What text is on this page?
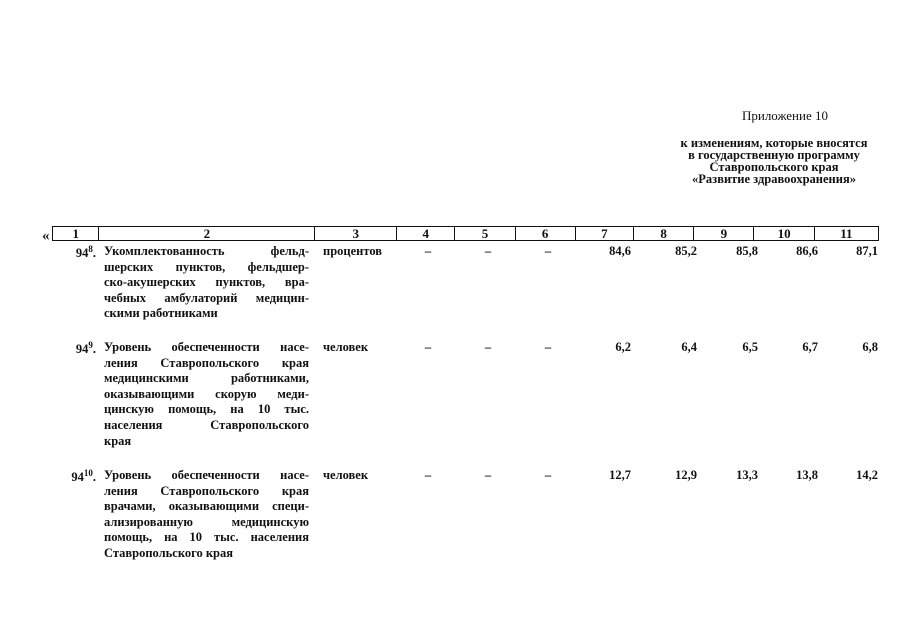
Приложение 10
к изменениям, которые вносятся
в государственную программу
Ставропольского края
«Развитие здравоохранения»
« 1	2	3	4	5	6	7	8	9	10	11
$94^8$. Укомплектованность фельд-
шерских пунктов, фельдшер-
ско-акушерских пунктов, вра-
чебных амбулаторий медицин-
скими работниками
процентов	–	–	–	84,6	85,2	85,8	86,6	87,1
$94^9$. Уровень обеспеченности насе-
ления Ставропольского края
медицинскими работниками,
оказывающими скорую меди-
цинскую помощь, на 10 тыс.
населения Ставропольского
края
человек	–	–	–	6,2	6,4	6,5	6,7	6,8
$94^{10}$. Уровень обеспеченности насе-
ления Ставропольского края
врачами, оказывающими специ-
ализированную медицинскую
помощь, на 10 тыс. населения
Ставропольского края
человек	–	–	–	12,7	12,9	13,3	13,8	14,2
